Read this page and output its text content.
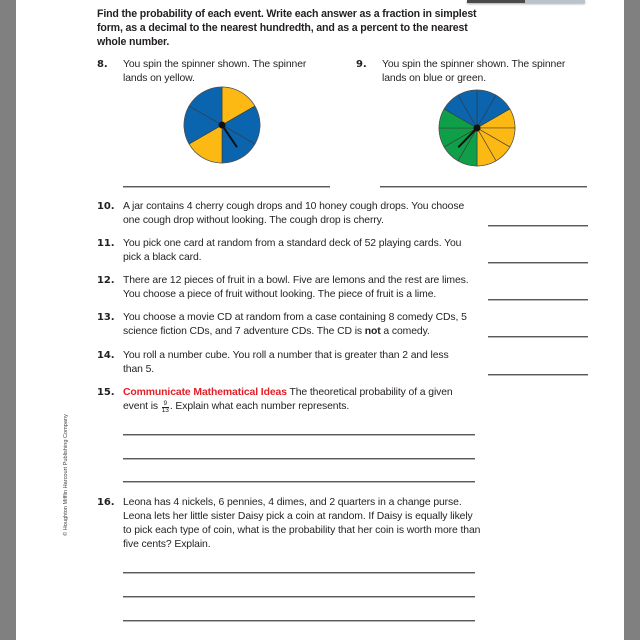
Find the probability of each event. Write each answer as a fraction in simplest form, as a decimal to the nearest hundredth, and as a percent to the nearest whole number.
8. You spin the spinner shown. The spinner lands on yellow.
9. You spin the spinner shown. The spinner lands on blue or green.
10. A jar contains 4 cherry cough drops and 10 honey cough drops. You choose one cough drop without looking. The cough drop is cherry.
11. You pick one card at random from a standard deck of 52 playing cards. You pick a black card.
12. There are 12 pieces of fruit in a bowl. Five are lemons and the rest are limes. You choose a piece of fruit without looking. The piece of fruit is a lime.
13. You choose a movie CD at random from a case containing 8 comedy CDs, 5 science fiction CDs, and 7 adventure CDs. The CD is not a comedy.
14. You roll a number cube. You roll a number that is greater than 2 and less than 5.
15. Communicate Mathematical Ideas The theoretical probability of a given event is $\frac{9}{13}$ . Explain what each number represents.
16. Leona has 4 nickels, 6 pennies, 4 dimes, and 2 quarters in a change purse. Leona lets her little sister Daisy pick a coin at random. If Daisy is equally likely to pick each type of coin, what is the probability that her coin is worth more than five cents? Explain.
© Houghton Mifflin Harcourt Publishing Company
